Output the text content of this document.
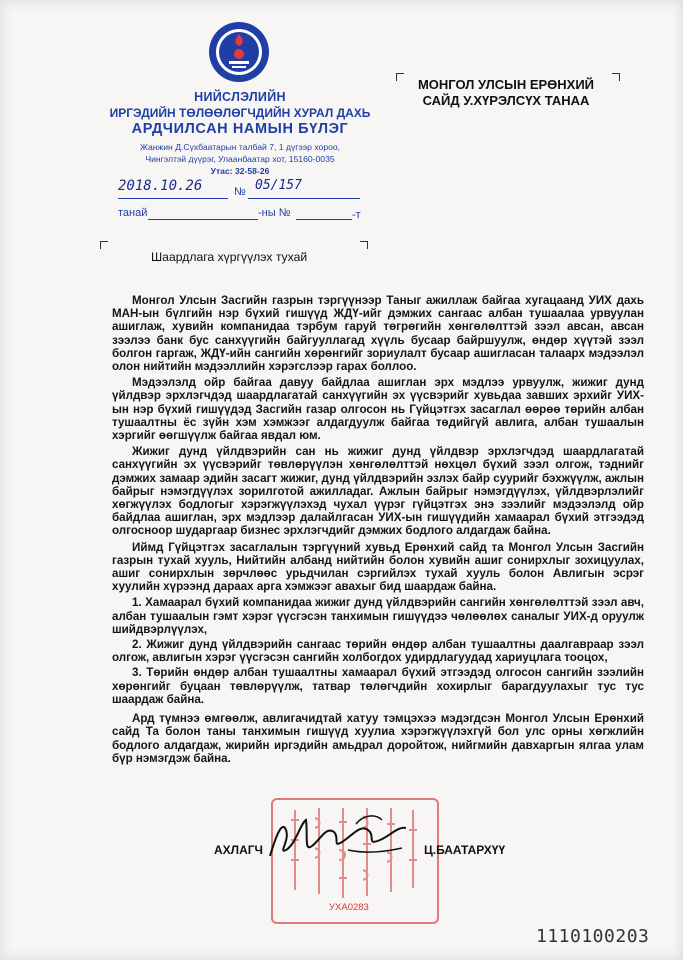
НИЙСЛЭЛИЙН
ИРГЭДИЙН ТӨЛӨӨЛӨГЧДИЙН ХУРАЛ ДАХЬ
АРДЧИЛСАН НАМЫН БҮЛЭГ
Жанжин Д.Сүхбаатарын талбай 7, 1 дүгээр хороо,
Чингэлтэй дүүрэг, Улаанбаатар хот, 15160-0035
Утас: 32-58-26
2018.10.26	№ 05/157
танай	-ны №	-т
МОНГОЛ УЛСЫН ЕРӨНХИЙ
САЙД У.ХҮРЭЛСҮХ ТАНАА
Шаардлага хүргүүлэх тухай

Монгол Улсын Засгийн газрын тэргүүнээр Таныг ажиллаж байгаа хугацаанд УИХ дахь МАН-ын бүлгийн нэр бүхий гишүүд ЖДҮ-ийг дэмжих сангаас албан тушаалаа урвуулан ашиглаж, хувийн компанидаа тэрбум гаруй төгрөгийн хөнгөлөлттэй зээл авсан, авсан зээлээ банк бус санхүүгийн байгууллагад хүүль бусаар байршуулж, өндөр хүүтэй зээл болгон гаргаж, ЖДҮ-ийн сангийн хөрөнгийг зориулалт бусаар ашигласан талаарх мэдээлэл олон нийтийн мэдээллийн хэрэгслээр гарах боллоо.

Мэдээлэлд ойр байгаа давуу байдлаа ашиглан эрх мэдлээ урвуулж, жижиг дунд үйлдвэр эрхлэгчдэд шаардлагатай санхүүгийн эх үүсвэрийг хувьдаа завших эрхийг УИХ-ын нэр бүхий гишүүдэд Засгийн газар олгосон нь Гүйцэтгэх засаглал өөрөө төрийн албан тушаалтны ёс зүйн хэм хэмжээг алдагдуулж байгаа төдийгүй авлига, албан тушаалын хэргийг өөгшүүлж байгаа явдал юм.

Жижиг дунд үйлдвэрийн сан нь жижиг дунд үйлдвэр эрхлэгчдэд шаардлагатай санхүүгийн эх үүсвэрийг төвлөрүүлэн хөнгөлөлттэй нөхцөл бүхий зээл олгож, тэднийг дэмжих замаар эдийн засагт жижиг, дунд үйлдвэрийн эзлэх байр суурийг бэхжүүлж, ажлын байрыг нэмэгдүүлэх зорилготой ажилладаг. Ажлын байрыг нэмэгдүүлэх, үйлдвэрлэлийг хөгжүүлэх бодлогыг хэрэгжүүлэхэд чухал үүрэг гүйцэтгэх энэ зээлийг мэдээлэлд ойр байдлаа ашиглан, эрх мэдлээр далайлгасан УИХ-ын гишүүдийн хамаарал бүхий этгээдэд олгосноор шударгаар бизнес эрхлэгчдийг дэмжих бодлого алдагдаж байна.

Иймд Гүйцэтгэх засаглалын тэргүүний хувьд Ерөнхий сайд та Монгол Улсын Засгийн газрын тухай хууль, Нийтийн албанд нийтийн болон хувийн ашиг сонирхлыг зохицуулах, ашиг сонирхлын зөрчлөөс урьдчилан сэргийлэх тухай хууль болон Авлигын эсрэг хуулийн хүрээнд дараах арга хэмжээг авахыг бид шаардаж байна.

1. Хамаарал бүхий компанидаа жижиг дунд үйлдвэрийн сангийн хөнгөлөлттэй зээл авч, албан тушаалын гэмт хэрэг үүсгэсэн танхимын гишүүдээ чөлөөлөх саналыг УИХ-д оруулж шийдвэрлүүлэх,

2. Жижиг дунд үйлдвэрийн сангаас төрийн өндөр албан тушаалтны даалгавраар зээл олгож, авлигын хэрэг үүсгэсэн сангийн холбогдох удирдлагуудад хариуцлага тооцох,

3. Төрийн өндөр албан тушаалтны хамаарал бүхий этгээдэд олгосон сангийн зээлийн хөрөнгийг буцаан төвлөрүүлж, татвар төлөгчдийн хохирлыг барагдуулахыг тус тус шаардаж байна.

Ард түмнээ өмгөөлж, авлигачидтай хатуу тэмцэхээ мэдэгдсэн Монгол Улсын Ерөнхий сайд Та болон таны танхимын гишүүд хуулиа хэрэгжүүлэхгүй бол улс орны хөгжлийн бодлого алдагдаж, жирийн иргэдийн амьдрал доройтож, нийгмийн давхаргын ялгаа улам бүр нэмэгдэж байна.

УХА0283
АХЛАГЧ	Ц.БААТАРХҮҮ
1110100203
